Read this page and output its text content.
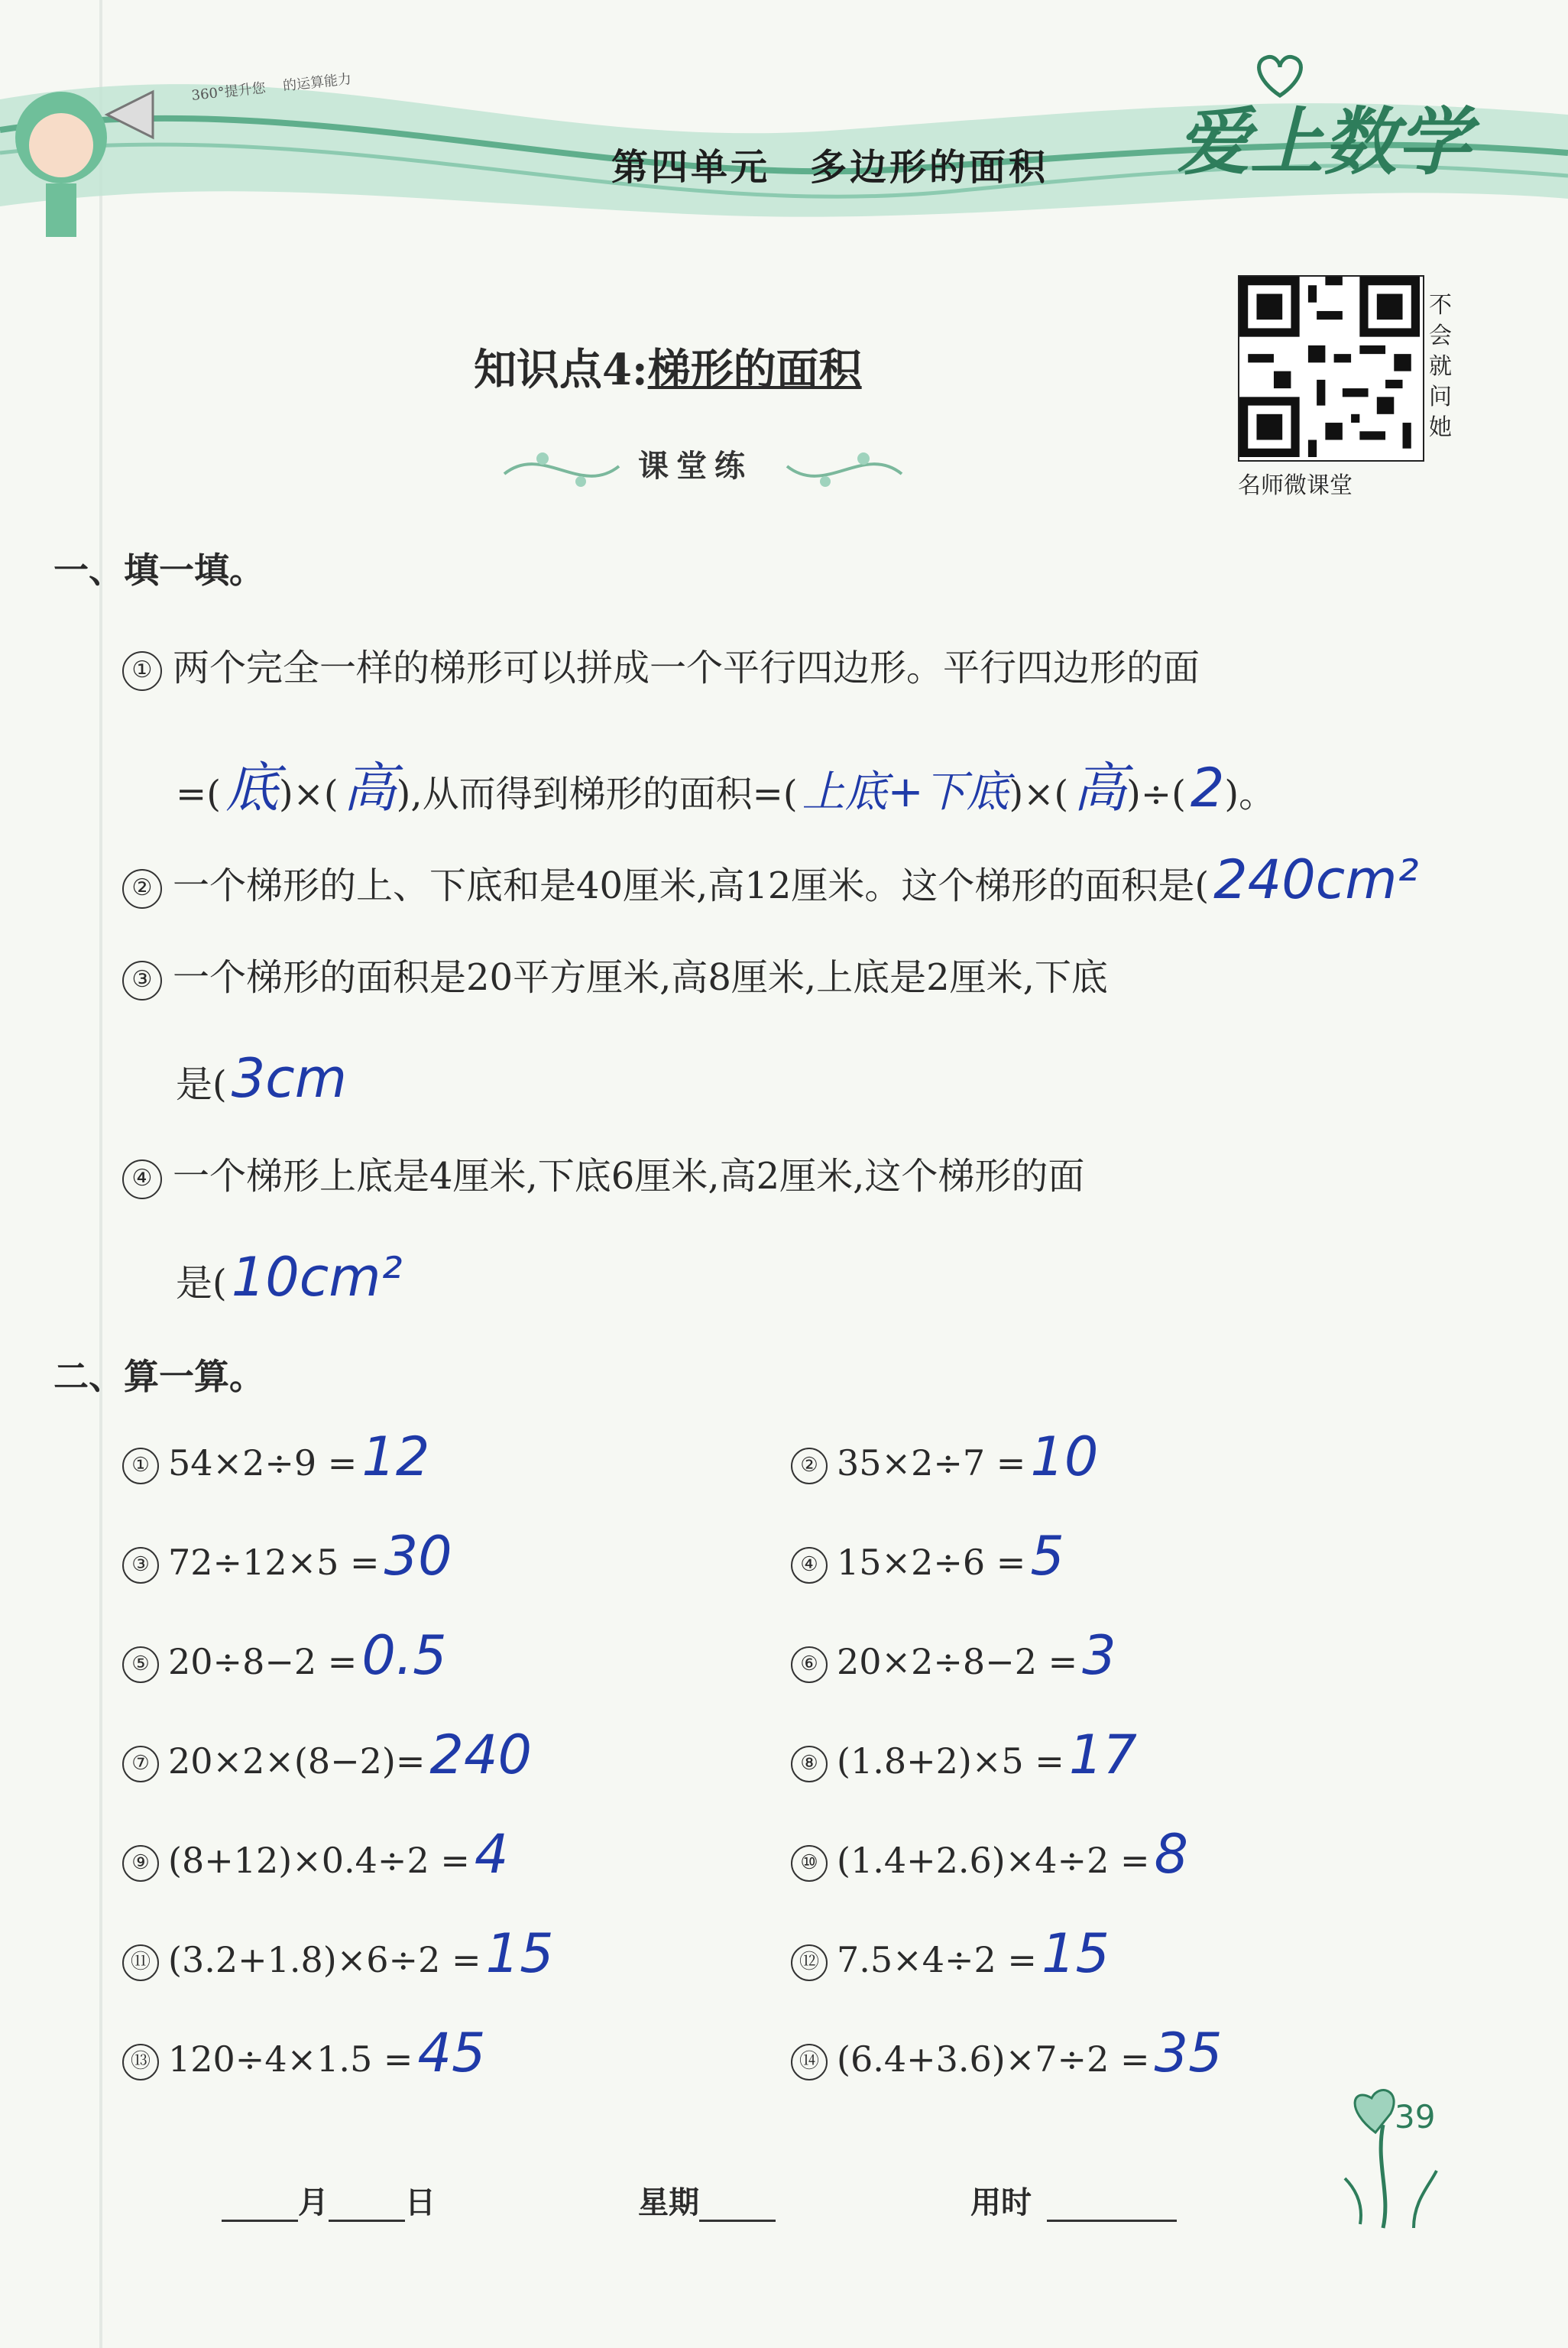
360°提升您 的运算能力
第四单元　多边形的面积 爱上数学
不会就问她
名师微课堂
知识点4:梯形的面积
课堂练
一、填一填。
① 两个完全一样的梯形可以拼成一个平行四边形。平行四边形的面
=(底)×(高),从而得到梯形的面积=( 上底+下底)×(高)÷(2)。
② 一个梯形的上、下底和是40厘米,高12厘米。这个梯形的面积是(240cm²
③ 一个梯形的面积是20平方厘米,高8厘米,上底是2厘米,下底
是(3cm
④ 一个梯形上底是4厘米,下底6厘米,高2厘米,这个梯形的面
是(10cm²
二、算一算。
① 54×2÷9 =12	② 35×2÷7 =10
③ 72÷12×5 =30	④ 15×2÷6 =5
⑤ 20÷8−2 =0.5	⑥ 20×2÷8−2 =3
⑦ 20×2×(8−2)=240	⑧ (1.8+2)×5 =17
⑨ (8+12)×0.4÷2 =4	⑩ (1.4+2.6)×4÷2 =8
⑪ (3.2+1.8)×6÷2 =15	⑫ 7.5×4÷2 =15
⑬ 120÷4×1.5 =45	⑭ (6.4+3.6)×7÷2 =35
月	日	星期	用时
39
